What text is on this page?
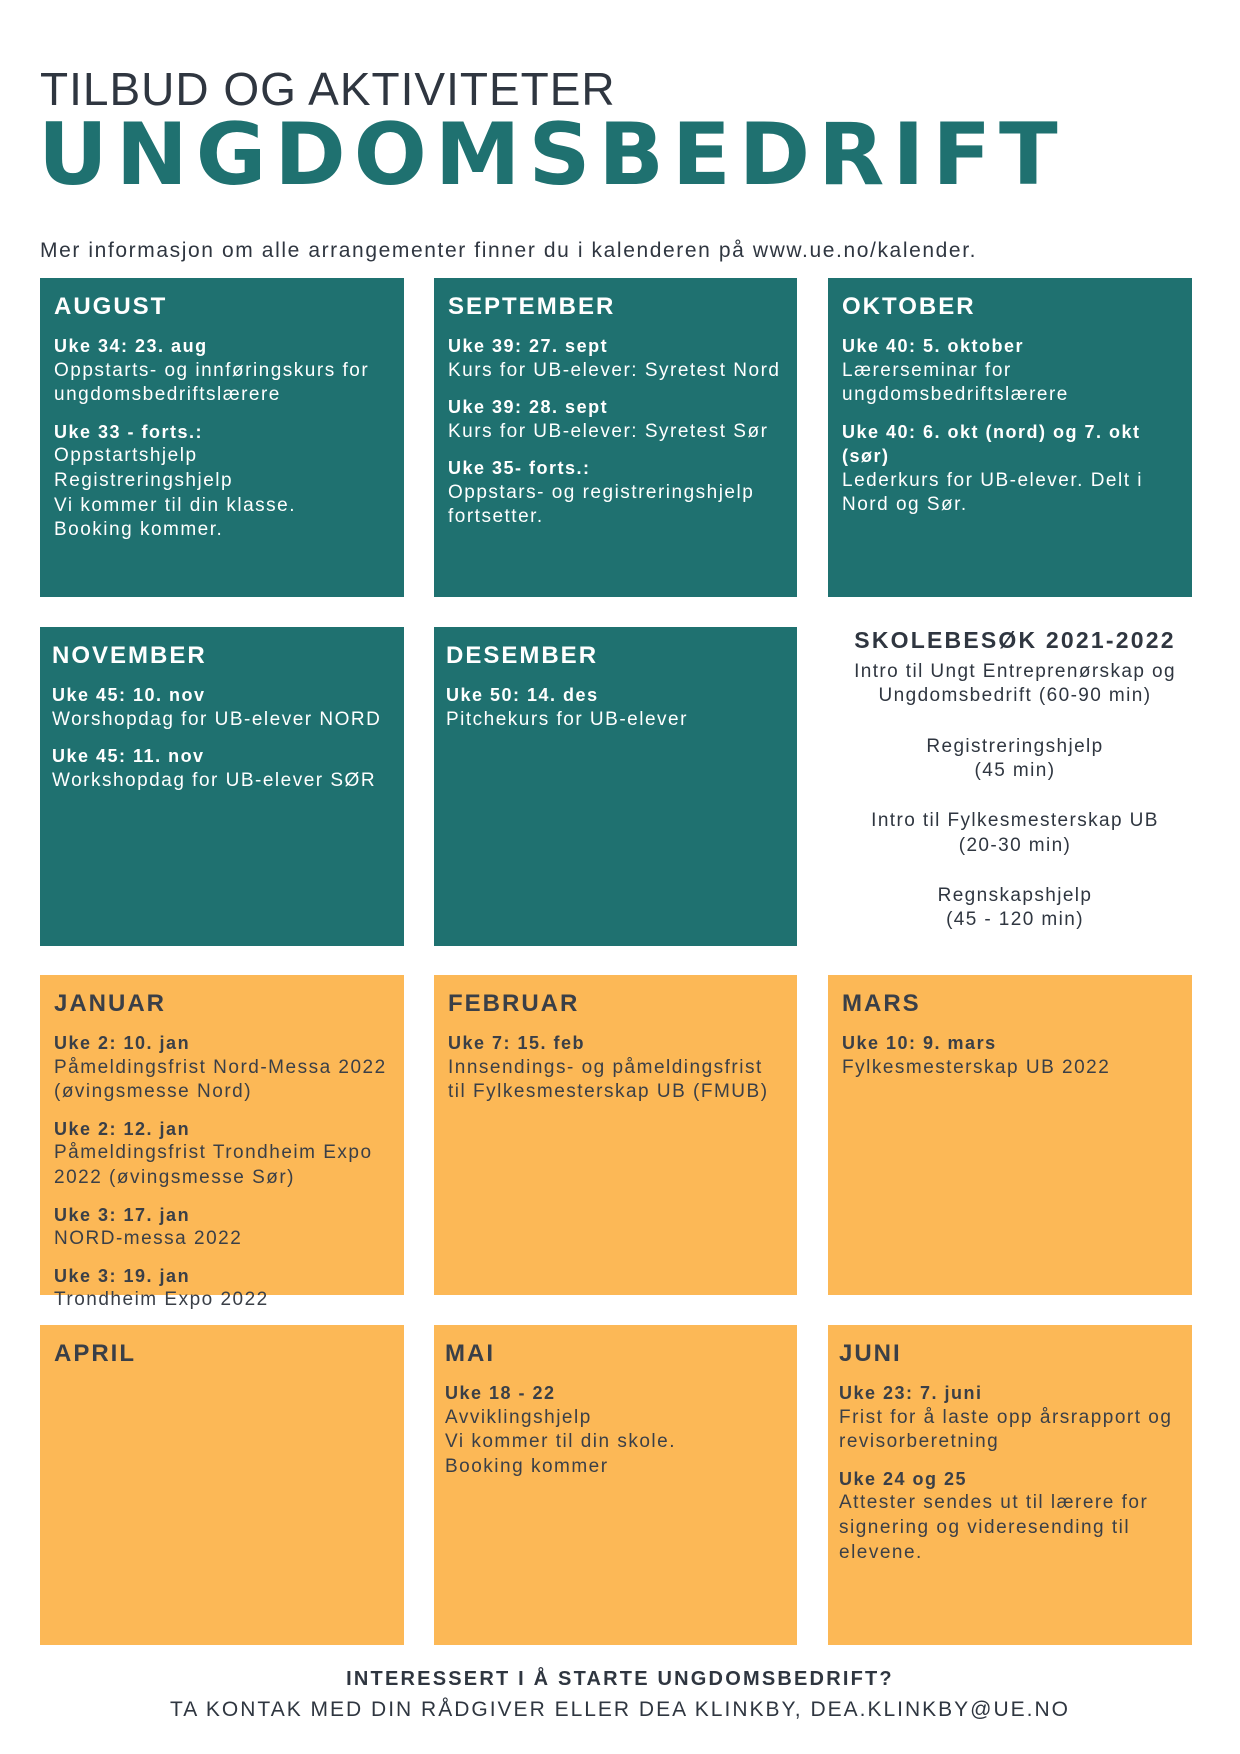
TILBUD OG AKTIVITETER
UNGDOMSBEDRIFT

Mer informasjon om alle arrangementer finner du i kalenderen på www.ue.no/kalender.

AUGUST
Uke 34: 23. aug
Oppstarts- og innføringskurs for ungdomsbedriftslærere
Uke 33 - forts.:
Oppstartshjelp
Registreringshjelp
Vi kommer til din klasse.
Booking kommer.
SEPTEMBER
Uke 39: 27. sept
Kurs for UB-elever: Syretest Nord
Uke 39: 28. sept
Kurs for UB-elever: Syretest Sør
Uke 35- forts.:
Oppstars- og registreringshjelp fortsetter.
OKTOBER
Uke 40: 5. oktober
Lærerseminar for ungdomsbedriftslærere
Uke 40: 6. okt (nord) og 7. okt (sør)
Lederkurs for UB-elever. Delt i Nord og Sør.
NOVEMBER
Uke 45: 10. nov
Worshopdag for UB-elever NORD
Uke 45: 11. nov
Workshopdag for UB-elever SØR
DESEMBER
Uke 50: 14. des
Pitchekurs for UB-elever
SKOLEBESØK 2021-2022

Intro til Ungt Entreprenørskap og Ungdomsbedrift (60-90 min)

Registreringshjelp
(45 min)

Intro til Fylkesmesterskap UB
(20-30 min)

Regnskapshjelp
(45 - 120 min)

JANUAR
Uke 2: 10. jan
Påmeldingsfrist Nord-Messa 2022 (øvingsmesse Nord)
Uke 2: 12. jan
Påmeldingsfrist Trondheim Expo 2022 (øvingsmesse Sør)
Uke 3: 17. jan
NORD-messa 2022
Uke 3: 19. jan
Trondheim Expo 2022
FEBRUAR
Uke 7: 15. feb
Innsendings- og påmeldingsfrist til Fylkesmesterskap UB (FMUB)
MARS
Uke 10: 9. mars
Fylkesmesterskap UB 2022
APRIL	MAI
Uke 18 - 22
Avviklingshjelp
Vi kommer til din skole.
Booking kommer
JUNI
Uke 23: 7. juni
Frist for å laste opp årsrapport og revisorberetning
Uke 24 og 25
Attester sendes ut til lærere for signering og videresending til elevene.

INTERESSERT I Å STARTE UNGDOMSBEDRIFT?

TA KONTAK MED DIN RÅDGIVER ELLER DEA KLINKBY, DEA.KLINKBY@UE.NO
